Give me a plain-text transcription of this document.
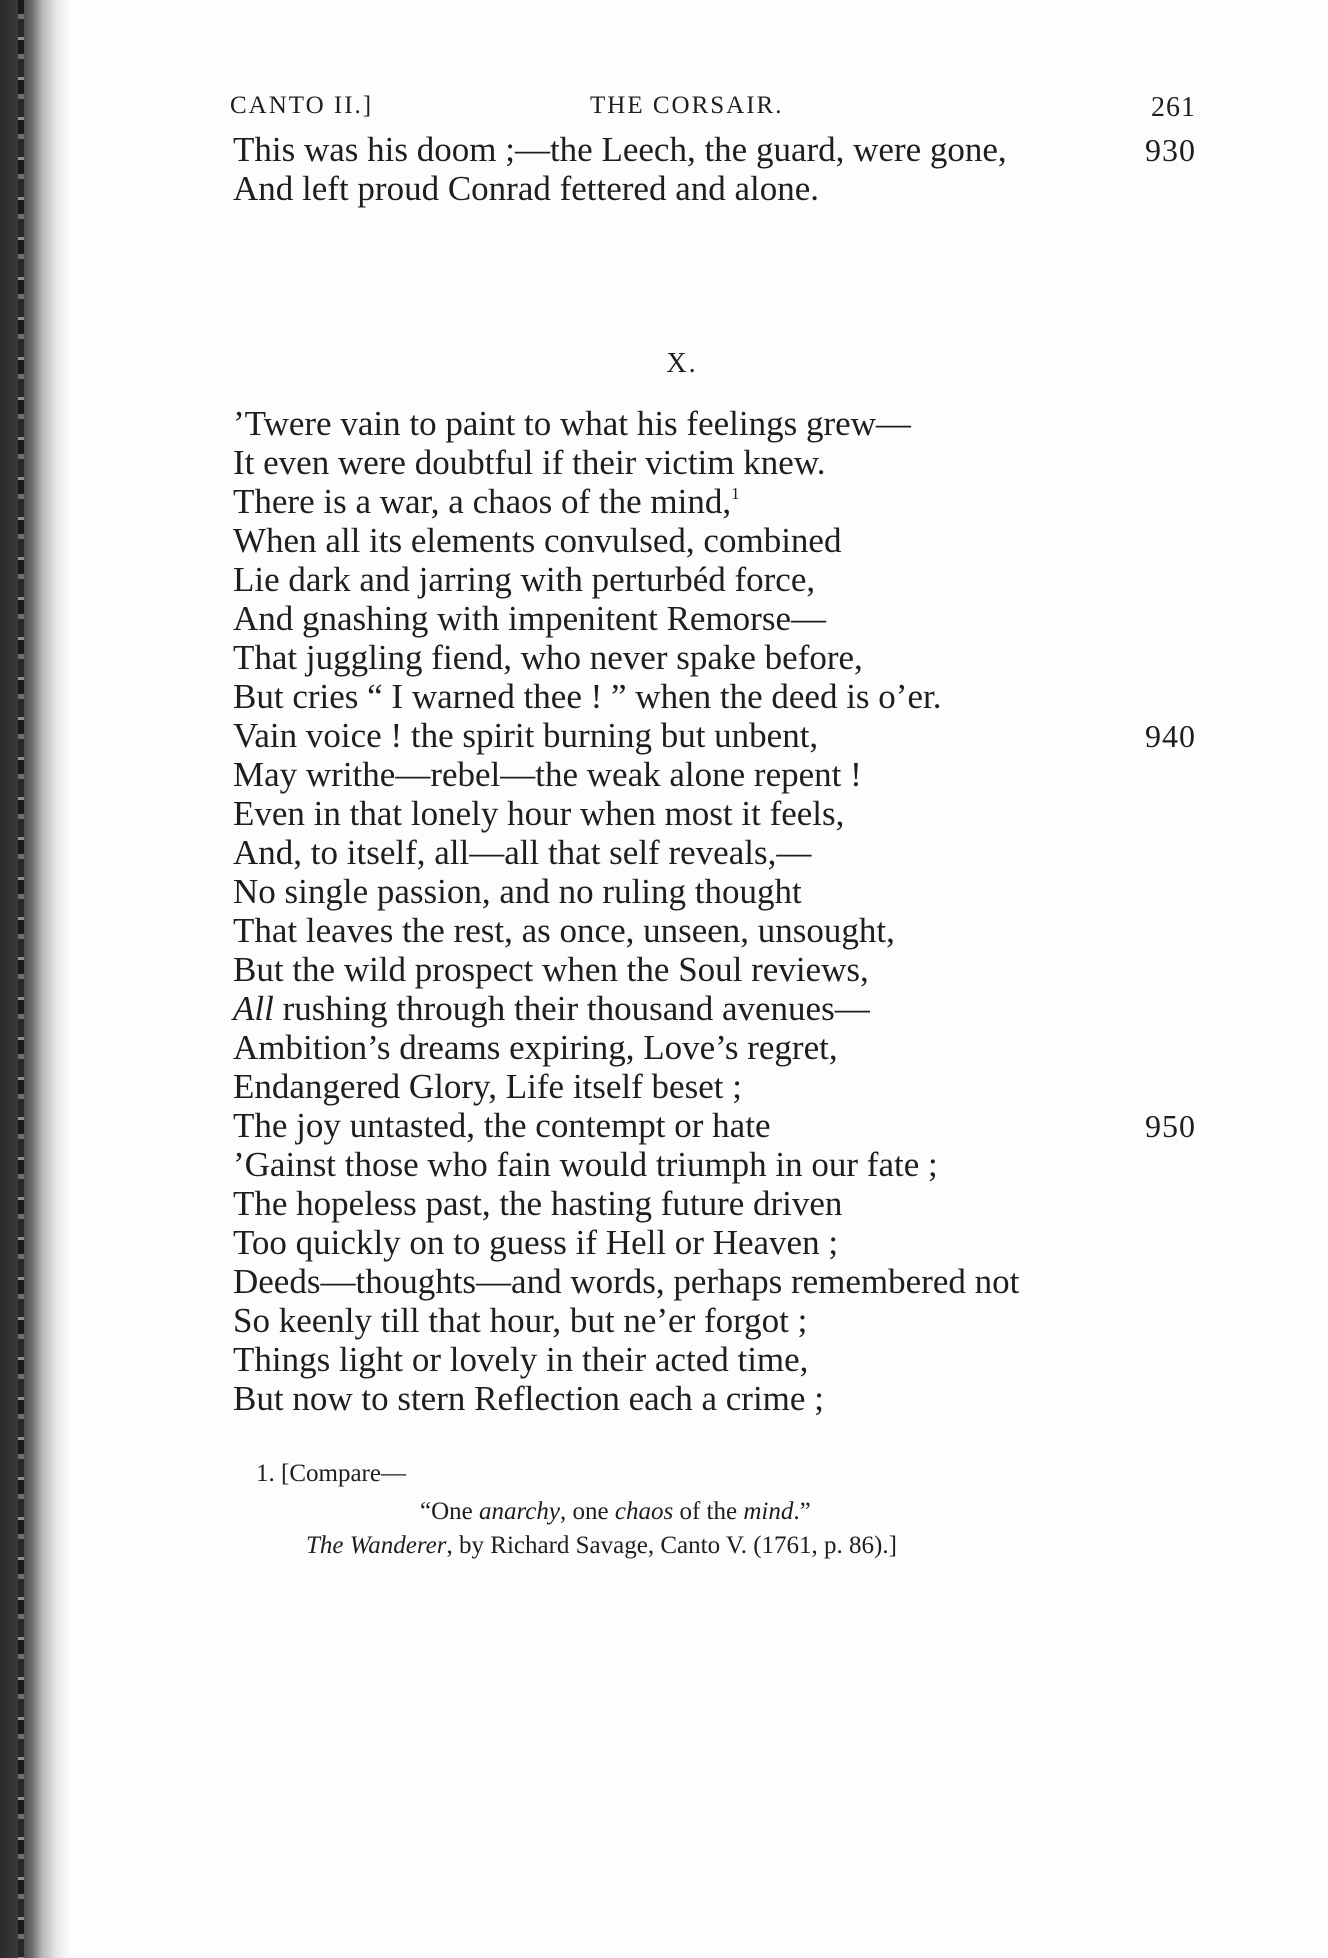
CANTO II.]	THE CORSAIR.	261
This was his doom ;—the Leech, the guard, were gone,	930
And left proud Conrad fettered and alone.
X.
’Twere vain to paint to what his feelings grew—
It even were doubtful if their victim knew.
There is a war, a chaos of the mind,$^1$
When all its elements convulsed, combined
Lie dark and jarring with perturbéd force,
And gnashing with impenitent Remorse—
That juggling fiend, who never spake before,
But cries “ I warned thee ! ” when the deed is o’er.
Vain voice ! the spirit burning but unbent,	940
May writhe—rebel—the weak alone repent !
Even in that lonely hour when most it feels,
And, to itself, all—all that self reveals,—
No single passion, and no ruling thought
That leaves the rest, as once, unseen, unsought,
But the wild prospect when the Soul reviews,
All rushing through their thousand avenues—
Ambition’s dreams expiring, Love’s regret,
Endangered Glory, Life itself beset ;
The joy untasted, the contempt or hate	950
’Gainst those who fain would triumph in our fate ;
The hopeless past, the hasting future driven
Too quickly on to guess if Hell or Heaven ;
Deeds—thoughts—and words, perhaps remembered not
So keenly till that hour, but ne’er forgot ;
Things light or lovely in their acted time,
But now to stern Reflection each a crime ;
1. [Compare—
“One anarchy, one chaos of the mind.”
The Wanderer, by Richard Savage, Canto V. (1761, p. 86).]
